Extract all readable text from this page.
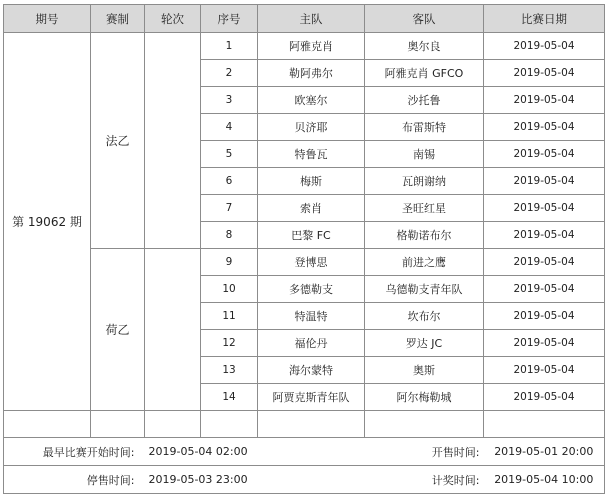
期号	赛制	轮次	序号	主队	客队	比赛日期
第 19062 期	法乙		1	阿雅克肖	奥尔良	2019-05-04
			2	勒阿弗尔	阿雅克肖 GFCO	2019-05-04
			3	欧塞尔	沙托鲁	2019-05-04
			4	贝济耶	布雷斯特	2019-05-04
			5	特鲁瓦	南锡	2019-05-04
			6	梅斯	瓦朗谢纳	2019-05-04
			7	索肖	圣旺红星	2019-05-04
			8	巴黎 FC	格勒诺布尔	2019-05-04
	荷乙		9	登博思	前进之鹰	2019-05-04
			10	多德勒支	乌德勒支青年队	2019-05-04
			11	特温特	坎布尔	2019-05-04
			12	福伦丹	罗达 JC	2019-05-04
			13	海尔蒙特	奥斯	2019-05-04
			14	阿贾克斯青年队	阿尔梅勒城	2019-05-04

最早比赛开始时间:		2019-05-04 02:00			开售时间:	2019-05-01 20:00
停售时间:		2019-05-03 23:00			计奖时间:	2019-05-04 10:00
